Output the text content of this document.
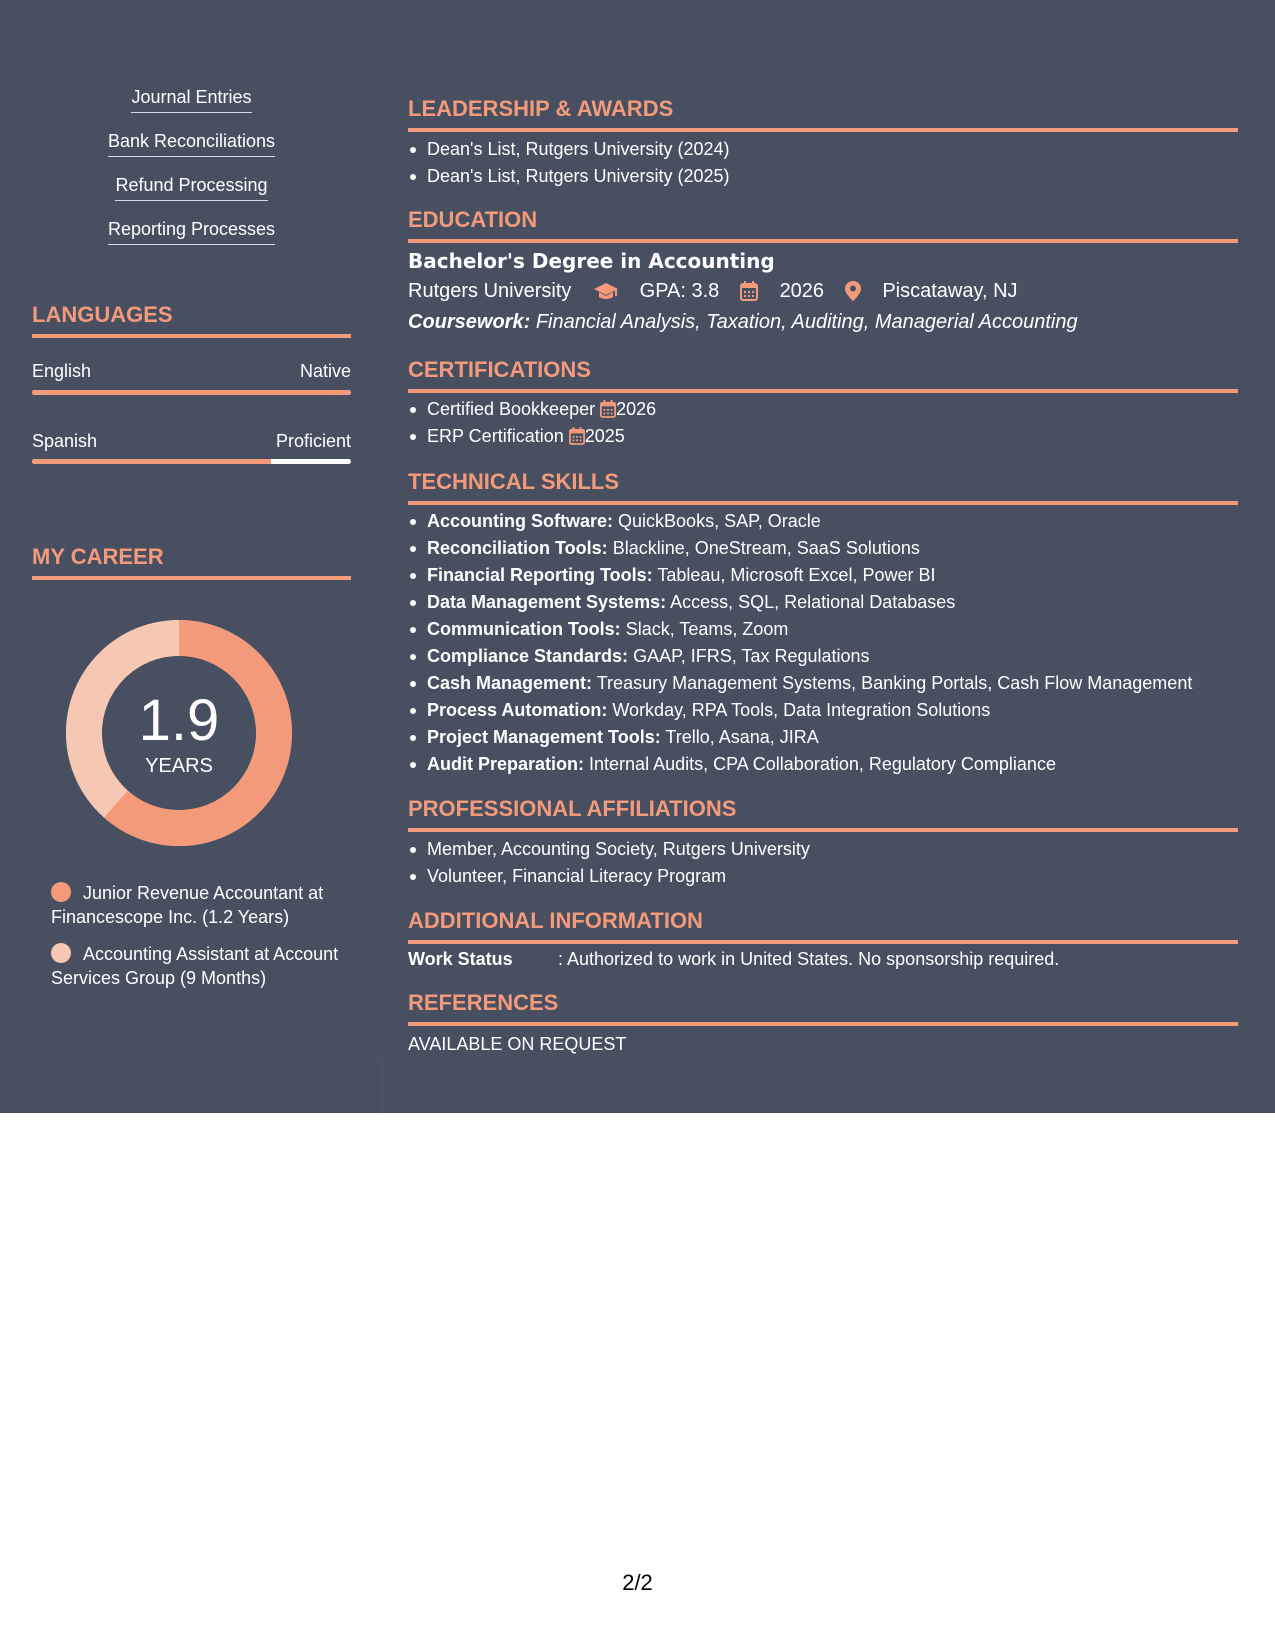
Journal Entries
Bank Reconciliations
Refund Processing
Reporting Processes
LANGUAGES
English	Native
Spanish	Proficient
MY CAREER
1.9
YEARS
Junior Revenue Accountant at Financescope Inc. (1.2 Years)
Accounting Assistant at Account Services Group (9 Months)
LEADERSHIP & AWARDS
Dean's List, Rutgers University (2024)
Dean's List, Rutgers University (2025)
EDUCATION
Bachelor's Degree in Accounting
Rutgers University	GPA: 3.8	2026	Piscataway, NJ
Coursework: Financial Analysis, Taxation, Auditing, Managerial Accounting
CERTIFICATIONS
Certified Bookkeeper 2026
ERP Certification 2025
TECHNICAL SKILLS
Accounting Software: QuickBooks, SAP, Oracle
Reconciliation Tools: Blackline, OneStream, SaaS Solutions
Financial Reporting Tools: Tableau, Microsoft Excel, Power BI
Data Management Systems: Access, SQL, Relational Databases
Communication Tools: Slack, Teams, Zoom
Compliance Standards: GAAP, IFRS, Tax Regulations
Cash Management: Treasury Management Systems, Banking Portals, Cash Flow Management
Process Automation: Workday, RPA Tools, Data Integration Solutions
Project Management Tools: Trello, Asana, JIRA
Audit Preparation: Internal Audits, CPA Collaboration, Regulatory Compliance
PROFESSIONAL AFFILIATIONS
Member, Accounting Society, Rutgers University
Volunteer, Financial Literacy Program
ADDITIONAL INFORMATION
Work Status	: Authorized to work in United States. No sponsorship required.
REFERENCES
AVAILABLE ON REQUEST
2/2
